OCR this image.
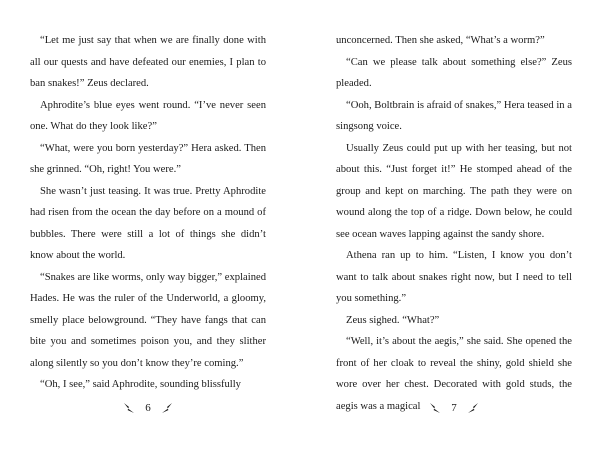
“Let me just say that when we are finally done with all our quests and have defeated our enemies, I plan to ban snakes!” Zeus declared.

Aphrodite’s blue eyes went round. “I’ve never seen one. What do they look like?”

“What, were you born yesterday?” Hera asked. Then she grinned. “Oh, right! You were.”

She wasn’t just teasing. It was true. Pretty Aphrodite had risen from the ocean the day before on a mound of bubbles. There were still a lot of things she didn’t know about the world.

“Snakes are like worms, only way bigger,” explained Hades. He was the ruler of the Underworld, a gloomy, smelly place belowground. “They have fangs that can bite you and sometimes poison you, and they slither along silently so you don’t know they’re coming.”

“Oh, I see,” said Aphrodite, sounding blissfully

6

unconcerned. Then she asked, “What’s a worm?”

“Can we please talk about something else?” Zeus pleaded.

“Ooh, Boltbrain is afraid of snakes,” Hera teased in a singsong voice.

Usually Zeus could put up with her teasing, but not about this. “Just forget it!” He stomped ahead of the group and kept on marching. The path they were on wound along the top of a ridge. Down below, he could see ocean waves lapping against the sandy shore.

Athena ran up to him. “Listen, I know you don’t want to talk about snakes right now, but I need to tell you something.”

Zeus sighed. “What?”

“Well, it’s about the aegis,” she said. She opened the front of her cloak to reveal the shiny, gold shield she wore over her chest. Decorated with gold studs, the aegis was a magical	7
